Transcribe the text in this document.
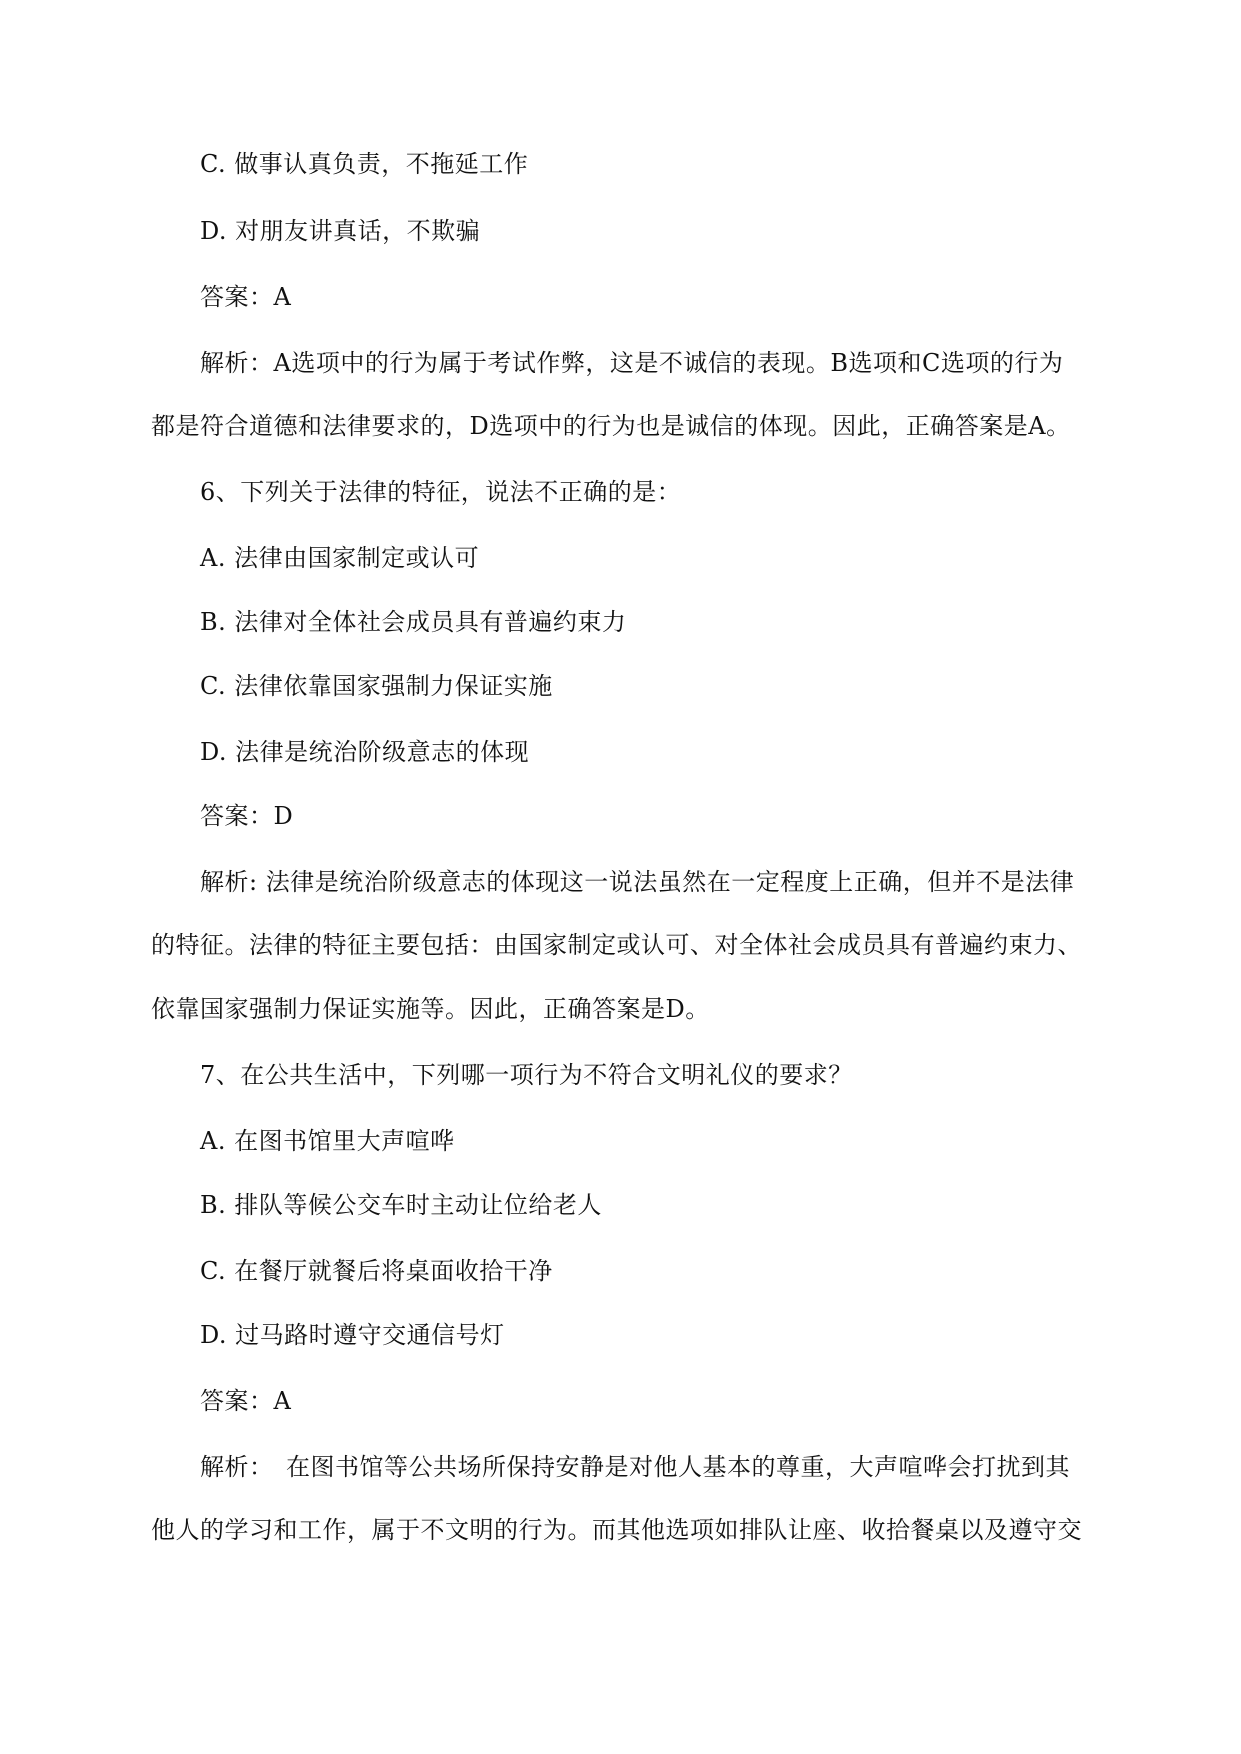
C. 做事认真负责，不拖延工作
D. 对朋友讲真话，不欺骗
答案：A
解析：A选项中的行为属于考试作弊，这是不诚信的表现。B选项和C选项的行为
都是符合道德和法律要求的，D选项中的行为也是诚信的体现。因此，正确答案是A。
6、下列关于法律的特征，说法不正确的是：
A. 法律由国家制定或认可
B. 法律对全体社会成员具有普遍约束力
C. 法律依靠国家强制力保证实施
D. 法律是统治阶级意志的体现
答案：D
解析: 法律是统治阶级意志的体现这一说法虽然在一定程度上正确，但并不是法律
的特征。法律的特征主要包括：由国家制定或认可、对全体社会成员具有普遍约束力、
依靠国家强制力保证实施等。因此，正确答案是D。
7、在公共生活中，下列哪一项行为不符合文明礼仪的要求？
A. 在图书馆里大声喧哗
B. 排队等候公交车时主动让位给老人
C. 在餐厅就餐后将桌面收拾干净
D. 过马路时遵守交通信号灯
答案：A
解析：　在图书馆等公共场所保持安静是对他人基本的尊重，大声喧哗会打扰到其
他人的学习和工作，属于不文明的行为。而其他选项如排队让座、收拾餐桌以及遵守交
